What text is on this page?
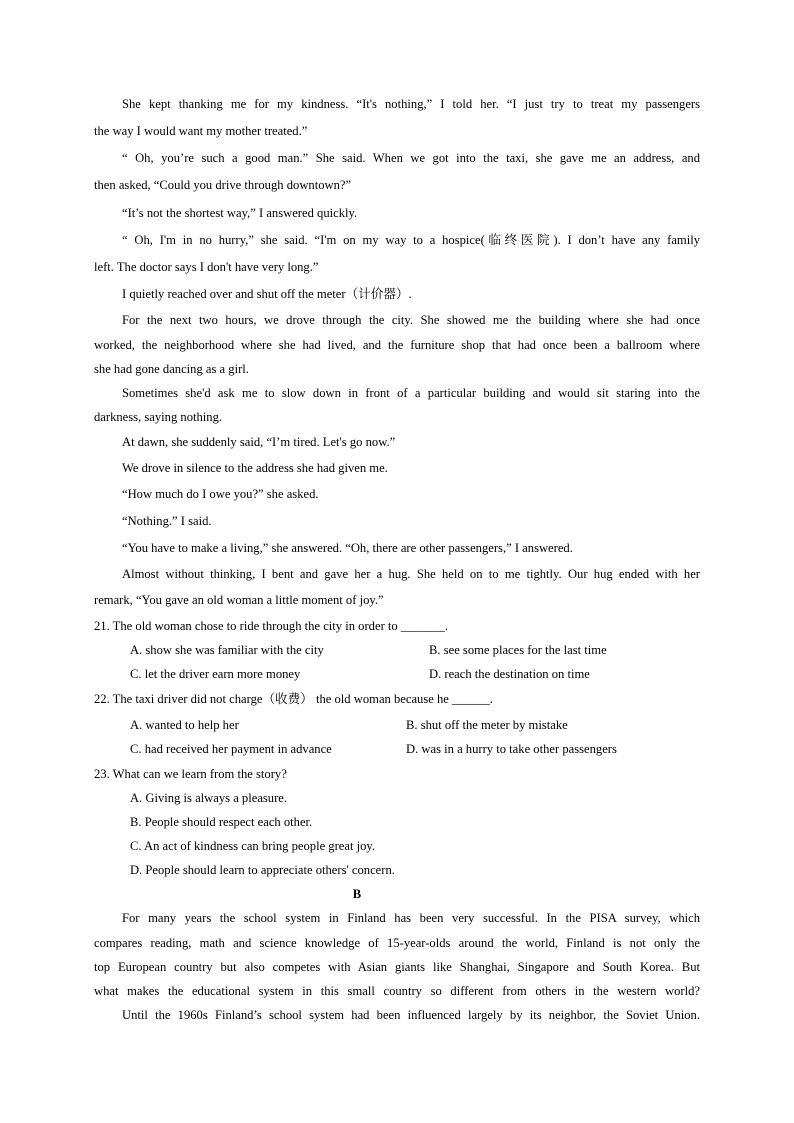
She kept thanking me for my kindness. “It's nothing,” I told her. “I just try to treat my passengers
the way I would want my mother treated.”
“ Oh, you’re such a good man.” She said. When we got into the taxi, she gave me an address, and
then asked, “Could you drive through downtown?”
“It’s not the shortest way,” I answered quickly.
“ Oh, I'm in no hurry,” she said. “I'm on my way to a hospice(临终医院). I don’t have any family
left. The doctor says I don't have very long.”
I quietly reached over and shut off the meter（计价器）.
For the next two hours, we drove through the city. She showed me the building where she had once
worked, the neighborhood where she had lived, and the furniture shop that had once been a ballroom where
she had gone dancing as a girl.
Sometimes she'd ask me to slow down in front of a particular building and would sit staring into the
darkness, saying nothing.
At dawn, she suddenly said, “I’m tired. Let's go now.”
We drove in silence to the address she had given me.
“How much do I owe you?” she asked.
“Nothing.” I said.
“You have to make a living,” she answered. “Oh, there are other passengers,” I answered.
Almost without thinking, I bent and gave her a hug. She held on to me tightly. Our hug ended with her
remark, “You gave an old woman a little moment of joy.”
21. The old woman chose to ride through the city in order to _______.
A. show she was familiar with the city	B. see some places for the last time
C. let the driver earn more money	D. reach the destination on time
22. The taxi driver did not charge（收费） the old woman because he ______.
A. wanted to help her	B. shut off the meter by mistake
C. had received her payment in advance	D. was in a hurry to take other passengers
23. What can we learn from the story?
A. Giving is always a pleasure.
B. People should respect each other.
C. An act of kindness can bring people great joy.
D. People should learn to appreciate others' concern.
B
For many years the school system in Finland has been very successful. In the PISA survey, which
compares reading, math and science knowledge of 15-year-olds around the world, Finland is not only the
top European country but also competes with Asian giants like Shanghai, Singapore and South Korea. But
what makes the educational system in this small country so different from others in the western world?
Until the 1960s Finland’s school system had been influenced largely by its neighbor, the Soviet Union.
